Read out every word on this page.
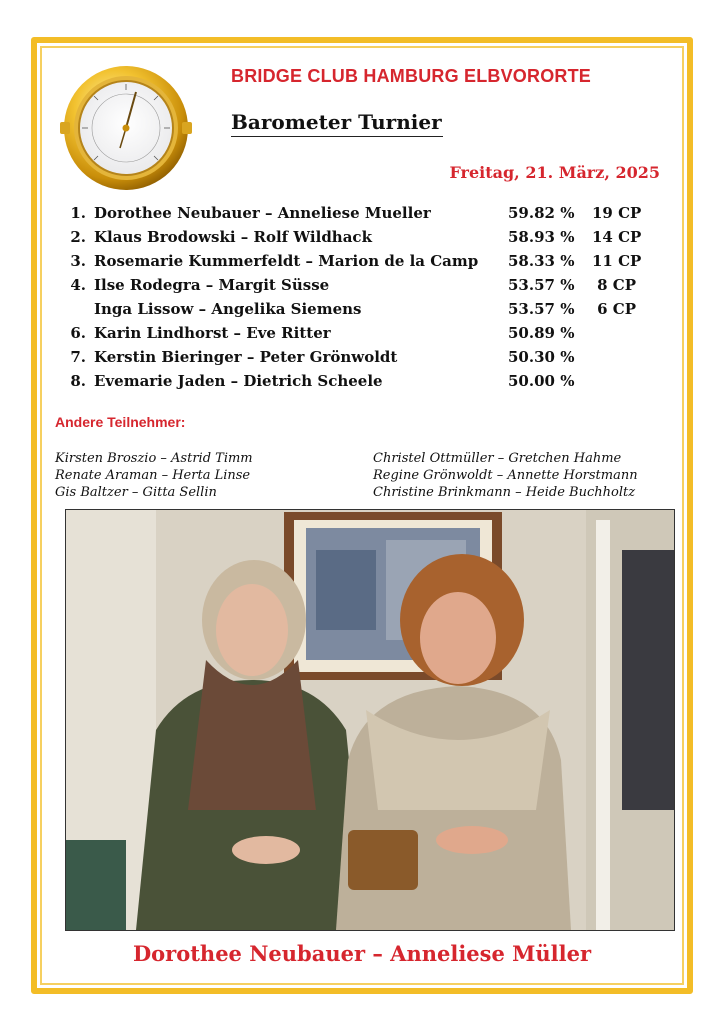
BRIDGE CLUB HAMBURG ELBVORORTE
Barometer Turnier
Freitag, 21. März, 2025
1. Dorothee Neubauer – Anneliese Mueller	59.82 % 19 CP
2. Klaus Brodowski – Rolf Wildhack	58.93 % 14 CP
3. Rosemarie Kummerfeldt – Marion de la Camp 58.33 % 11 CP
4. Ilse Rodegra – Margit Süsse	53.57 %	8 CP
Inga Lissow – Angelika Siemens	53.57 %	6 CP
6. Karin Lindhorst – Eve Ritter	50.89 %
7. Kerstin Bieringer – Peter Grönwoldt	50.30 %
8. Evemarie Jaden – Dietrich Scheele	50.00 %
Andere Teilnehmer:
Kirsten Broszio – Astrid Timm
Renate Araman – Herta Linse
Gis Baltzer – Gitta Sellin
Christel Ottmüller – Gretchen Hahme
Regine Grönwoldt – Annette Horstmann
Christine Brinkmann – Heide Buchholtz
Dorothee Neubauer – Anneliese Müller
